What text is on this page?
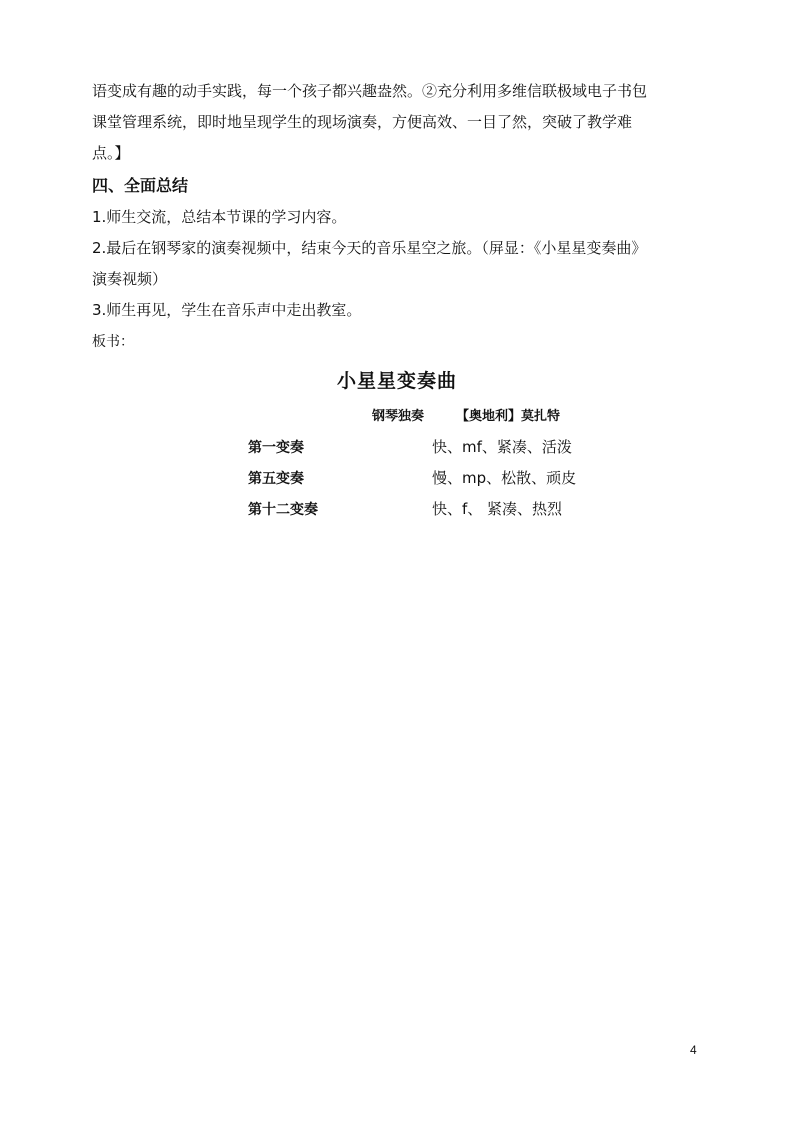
语变成有趣的动手实践，每一个孩子都兴趣盎然。②充分利用多维信联极域电子书包
课堂管理系统，即时地呈现学生的现场演奏，方便高效、一目了然，突破了教学难
点。】
四、全面总结
1.师生交流，总结本节课的学习内容。
2.最后在钢琴家的演奏视频中，结束今天的音乐星空之旅。（屏显：《小星星变奏曲》
演奏视频）
3.师生再见，学生在音乐声中走出教室。
板书：
小星星变奏曲
钢琴独奏 【奥地利】莫扎特
第一变奏	快、mf、紧凑、活泼
第五变奏	慢、mp、松散、顽皮
第十二变奏	快、f、 紧凑、热烈
4
